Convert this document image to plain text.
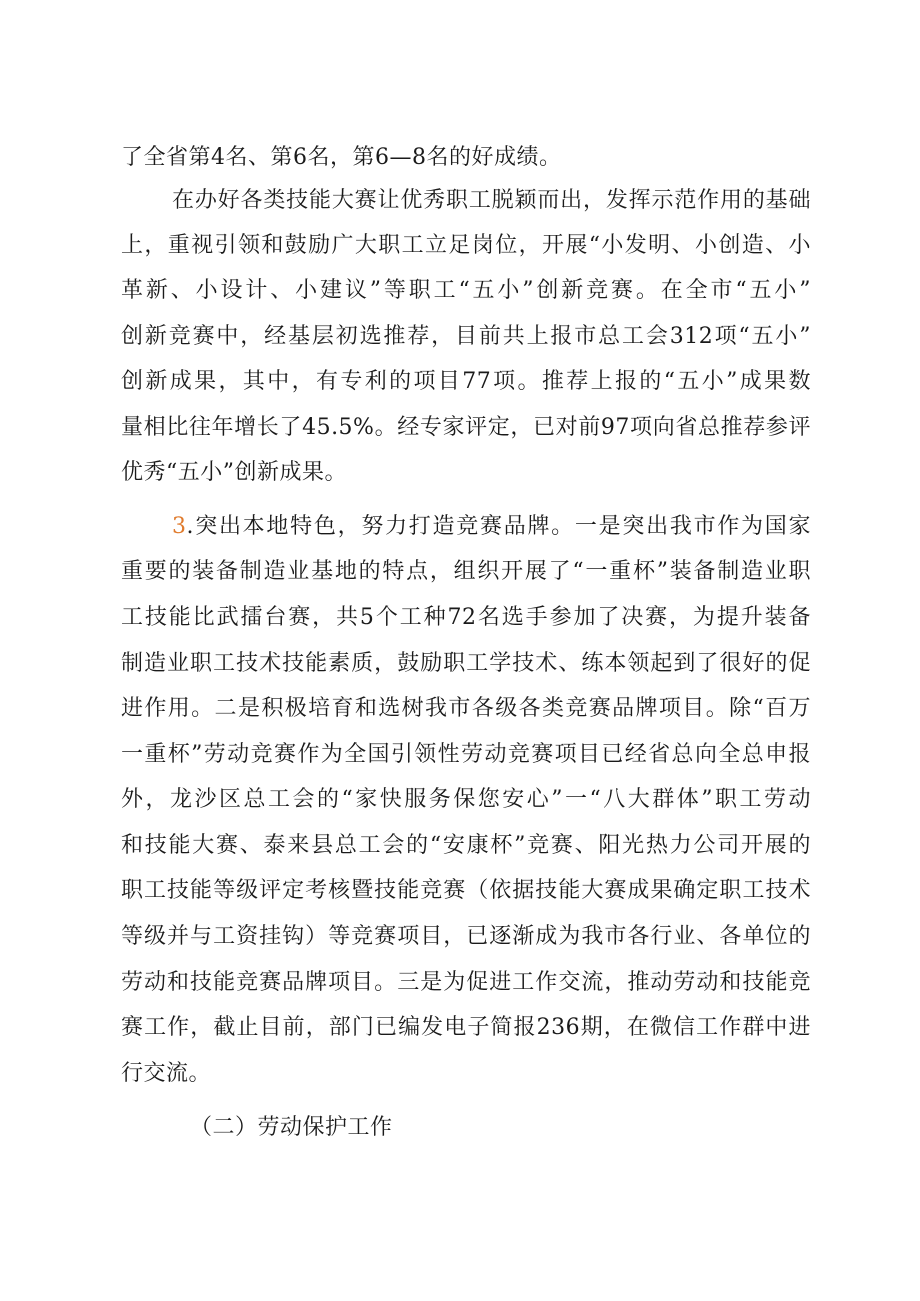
了全省第4名、第6名，第6—8名的好成绩。
在办好各类技能大赛让优秀职工脱颖而出，发挥示范作用的基础
上，重视引领和鼓励广大职工立足岗位，开展“小发明、小创造、小
革新、小设计、小建议”等职工“五小”创新竞赛。在全市“五小”
创新竞赛中，经基层初选推荐，目前共上报市总工会312项“五小”
创新成果，其中，有专利的项目77项。推荐上报的“五小”成果数
量相比往年增长了45.5%。经专家评定，已对前97项向省总推荐参评
优秀“五小”创新成果。
3.突出本地特色，努力打造竞赛品牌。一是突出我市作为国家
重要的装备制造业基地的特点，组织开展了“一重杯”装备制造业职
工技能比武擂台赛，共5个工种72名选手参加了决赛，为提升装备
制造业职工技术技能素质，鼓励职工学技术、练本领起到了很好的促
进作用。二是积极培育和选树我市各级各类竞赛品牌项目。除“百万
一重杯”劳动竞赛作为全国引领性劳动竞赛项目已经省总向全总申报
外，龙沙区总工会的“家快服务保您安心”一“八大群体”职工劳动
和技能大赛、泰来县总工会的“安康杯”竞赛、阳光热力公司开展的
职工技能等级评定考核暨技能竞赛（依据技能大赛成果确定职工技术
等级并与工资挂钩）等竞赛项目，已逐渐成为我市各行业、各单位的
劳动和技能竞赛品牌项目。三是为促进工作交流，推动劳动和技能竞
赛工作，截止目前，部门已编发电子简报236期，在微信工作群中进
行交流。
（二）劳动保护工作
